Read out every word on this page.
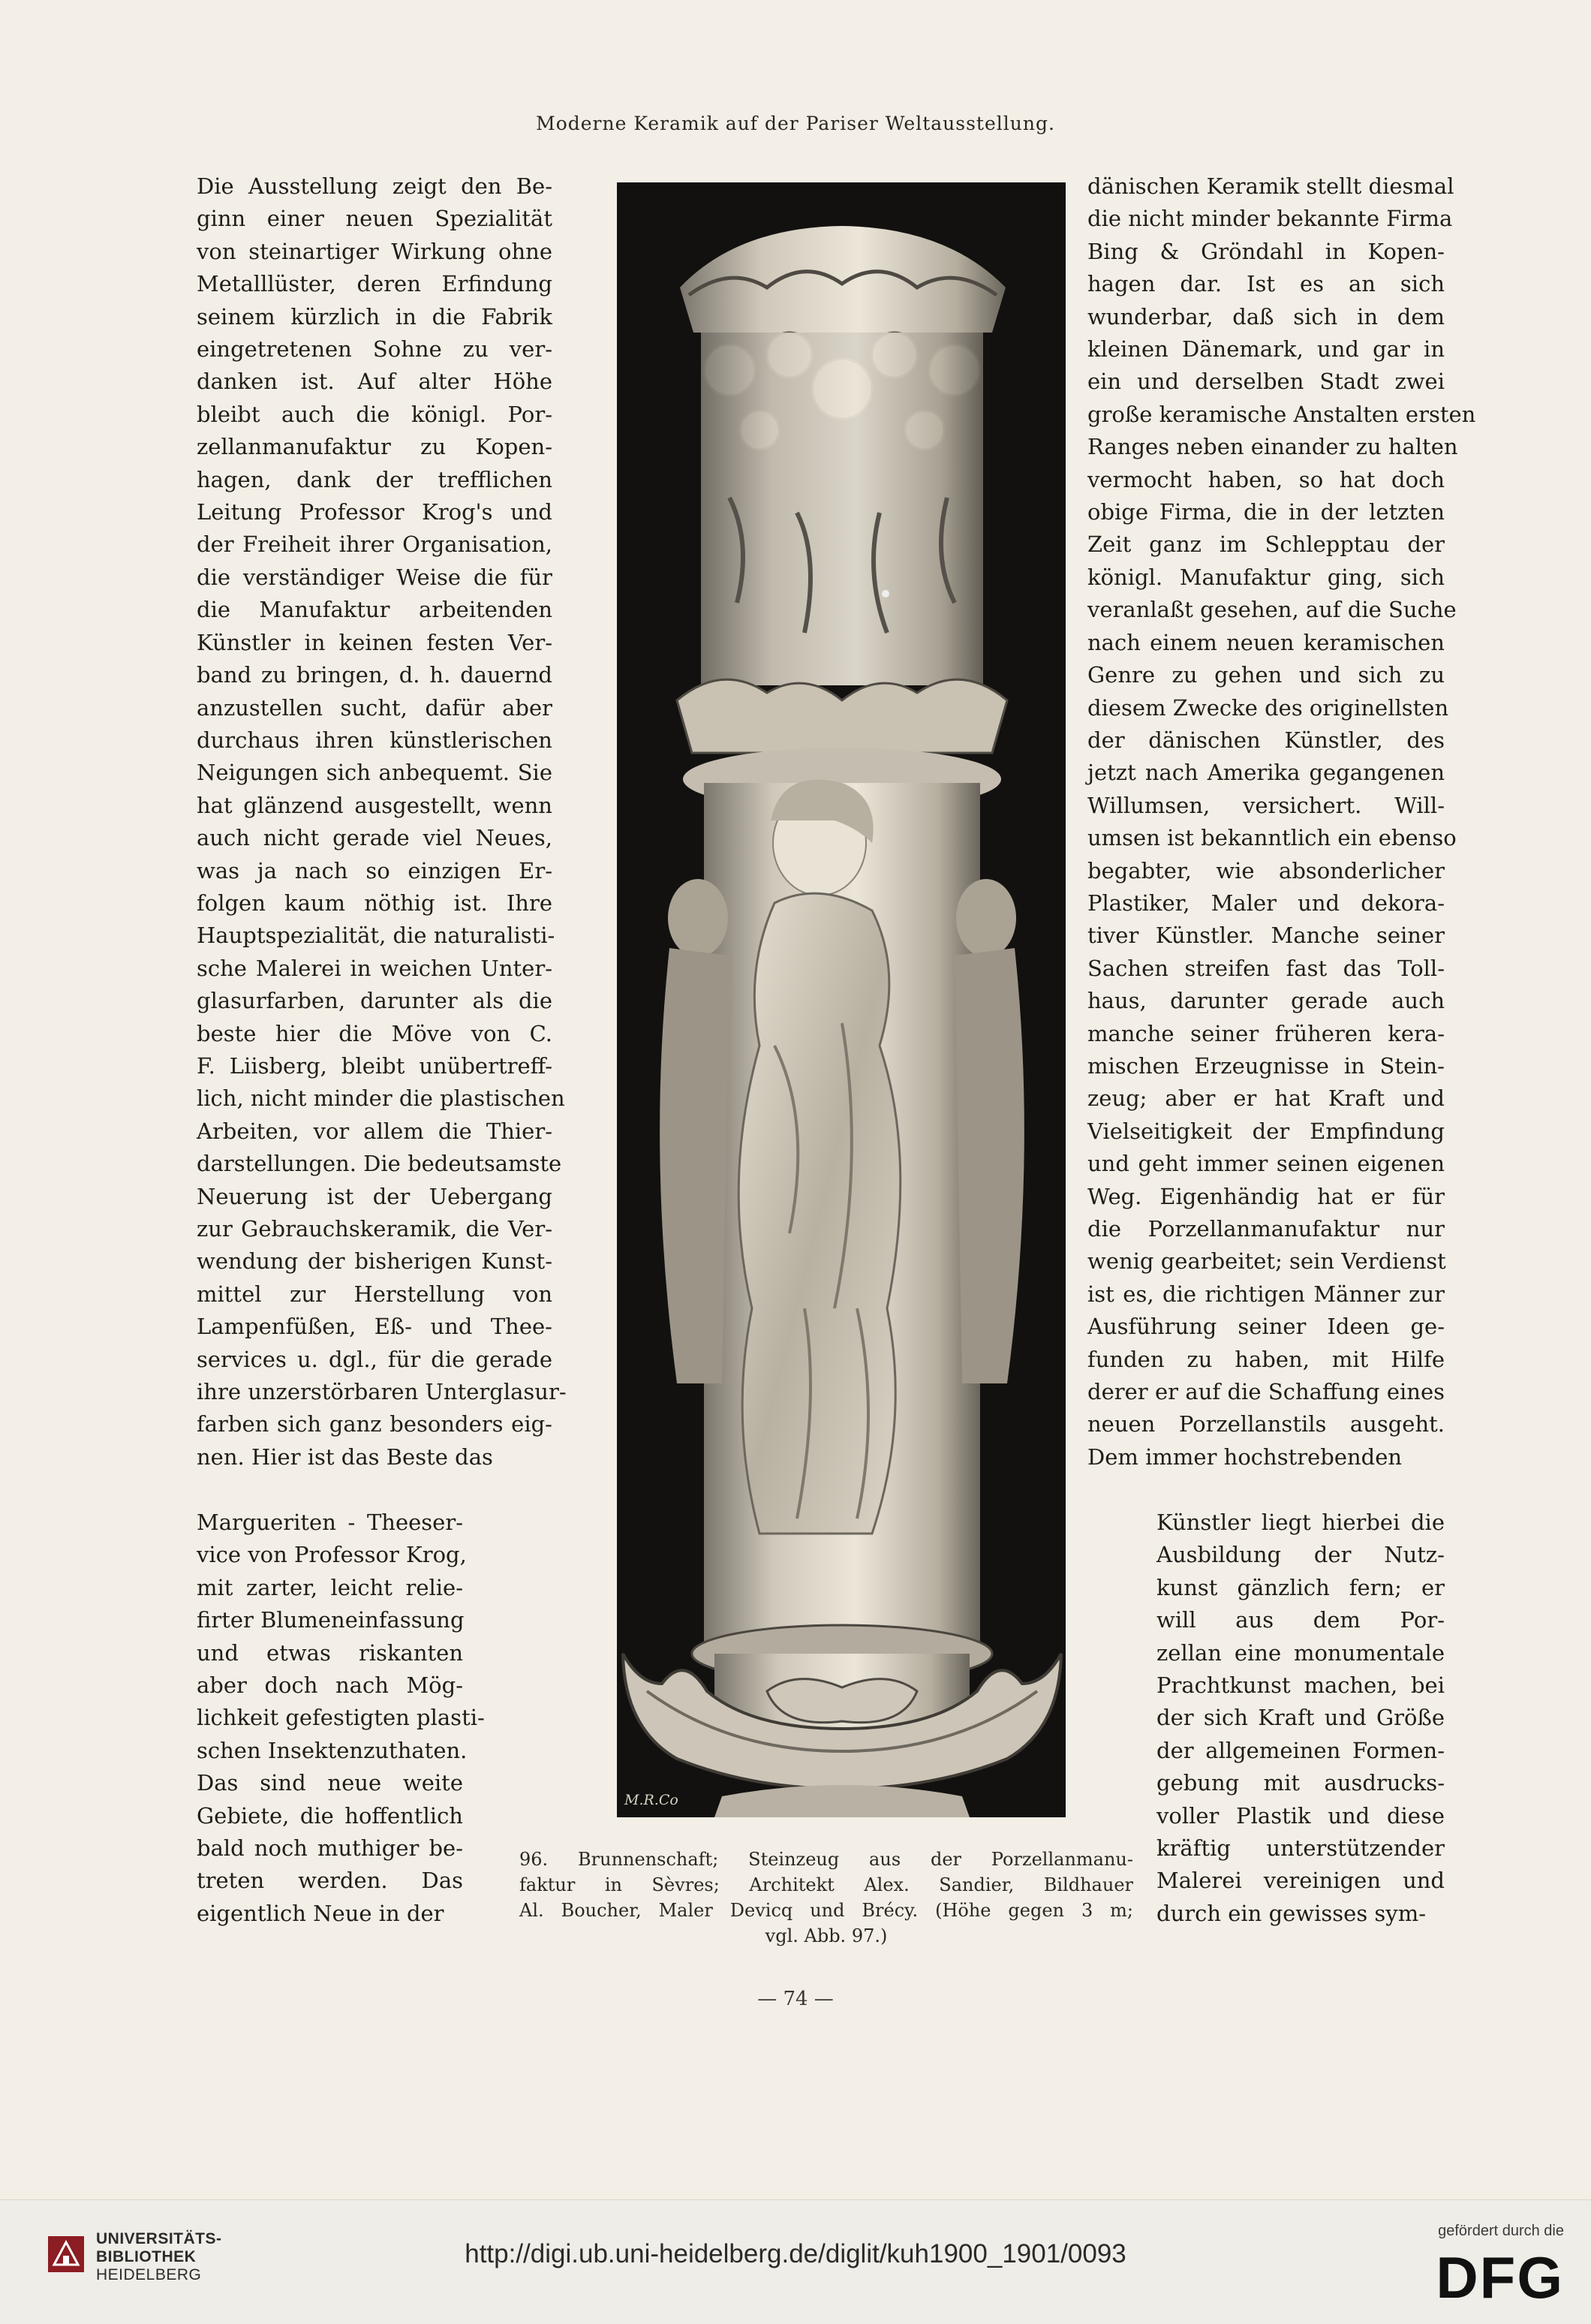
Moderne Keramik auf der Pariser Weltausstellung.
Die Ausstellung zeigt den Be-
ginn einer neuen Spezialität
von steinartiger Wirkung ohne
Metalllüster, deren Erfindung
seinem kürzlich in die Fabrik
eingetretenen Sohne zu ver-
danken ist. Auf alter Höhe
bleibt auch die königl. Por-
zellanmanufaktur zu Kopen-
hagen, dank der trefflichen
Leitung Professor Krog's und
der Freiheit ihrer Organisation,
die verständiger Weise die für
die Manufaktur arbeitenden
Künstler in keinen festen Ver-
band zu bringen, d. h. dauernd
anzustellen sucht, dafür aber
durchaus ihren künstlerischen
Neigungen sich anbequemt. Sie
hat glänzend ausgestellt, wenn
auch nicht gerade viel Neues,
was ja nach so einzigen Er-
folgen kaum nöthig ist. Ihre
Hauptspezialität, die naturalisti-
sche Malerei in weichen Unter-
glasurfarben, darunter als die
beste hier die Möve von C.
F. Liisberg, bleibt unübertreff-
lich, nicht minder die plastischen
Arbeiten, vor allem die Thier-
darstellungen. Die bedeutsamste
Neuerung ist der Uebergang
zur Gebrauchskeramik, die Ver-
wendung der bisherigen Kunst-
mittel zur Herstellung von
Lampenfüßen, Eß- und Thee-
services u. dgl., für die gerade
ihre unzerstörbaren Unterglasur-
farben sich ganz besonders eig-
nen. Hier ist das Beste das
Margueriten - Theeser-
vice von Professor Krog,
mit zarter, leicht relie-
firter Blumeneinfassung
und etwas riskanten
aber doch nach Mög-
lichkeit gefestigten plasti-
schen Insektenzuthaten.
Das sind neue weite
Gebiete, die hoffentlich
bald noch muthiger be-
treten werden. Das
eigentlich Neue in der
dänischen Keramik stellt diesmal
die nicht minder bekannte Firma
Bing & Gröndahl in Kopen-
hagen dar. Ist es an sich
wunderbar, daß sich in dem
kleinen Dänemark, und gar in
ein und derselben Stadt zwei
große keramische Anstalten ersten
Ranges neben einander zu halten
vermocht haben, so hat doch
obige Firma, die in der letzten
Zeit ganz im Schlepptau der
königl. Manufaktur ging, sich
veranlaßt gesehen, auf die Suche
nach einem neuen keramischen
Genre zu gehen und sich zu
diesem Zwecke des originellsten
der dänischen Künstler, des
jetzt nach Amerika gegangenen
Willumsen, versichert. Will-
umsen ist bekanntlich ein ebenso
begabter, wie absonderlicher
Plastiker, Maler und dekora-
tiver Künstler. Manche seiner
Sachen streifen fast das Toll-
haus, darunter gerade auch
manche seiner früheren kera-
mischen Erzeugnisse in Stein-
zeug; aber er hat Kraft und
Vielseitigkeit der Empfindung
und geht immer seinen eigenen
Weg. Eigenhändig hat er für
die Porzellanmanufaktur nur
wenig gearbeitet; sein Verdienst
ist es, die richtigen Männer zur
Ausführung seiner Ideen ge-
funden zu haben, mit Hilfe
derer er auf die Schaffung eines
neuen Porzellanstils ausgeht.
Dem immer hochstrebenden
Künstler liegt hierbei die
Ausbildung der Nutz-
kunst gänzlich fern; er
will aus dem Por-
zellan eine monumentale
Prachtkunst machen, bei
der sich Kraft und Größe
der allgemeinen Formen-
gebung mit ausdrucks-
voller Plastik und diese
kräftig unterstützender
Malerei vereinigen und
durch ein gewisses sym-
M.R.Co
96. Brunnenschaft; Steinzeug aus der Porzellanmanu-
faktur in Sèvres; Architekt Alex. Sandier, Bildhauer
Al. Boucher, Maler Devicq und Brécy. (Höhe gegen 3 m;
vgl. Abb. 97.)
— 74 —
UNIVERSITÄTS-
BIBLIOTHEK
HEIDELBERG
http://digi.ub.uni-heidelberg.de/diglit/kuh1900_1901/0093
gefördert durch die
DFG
